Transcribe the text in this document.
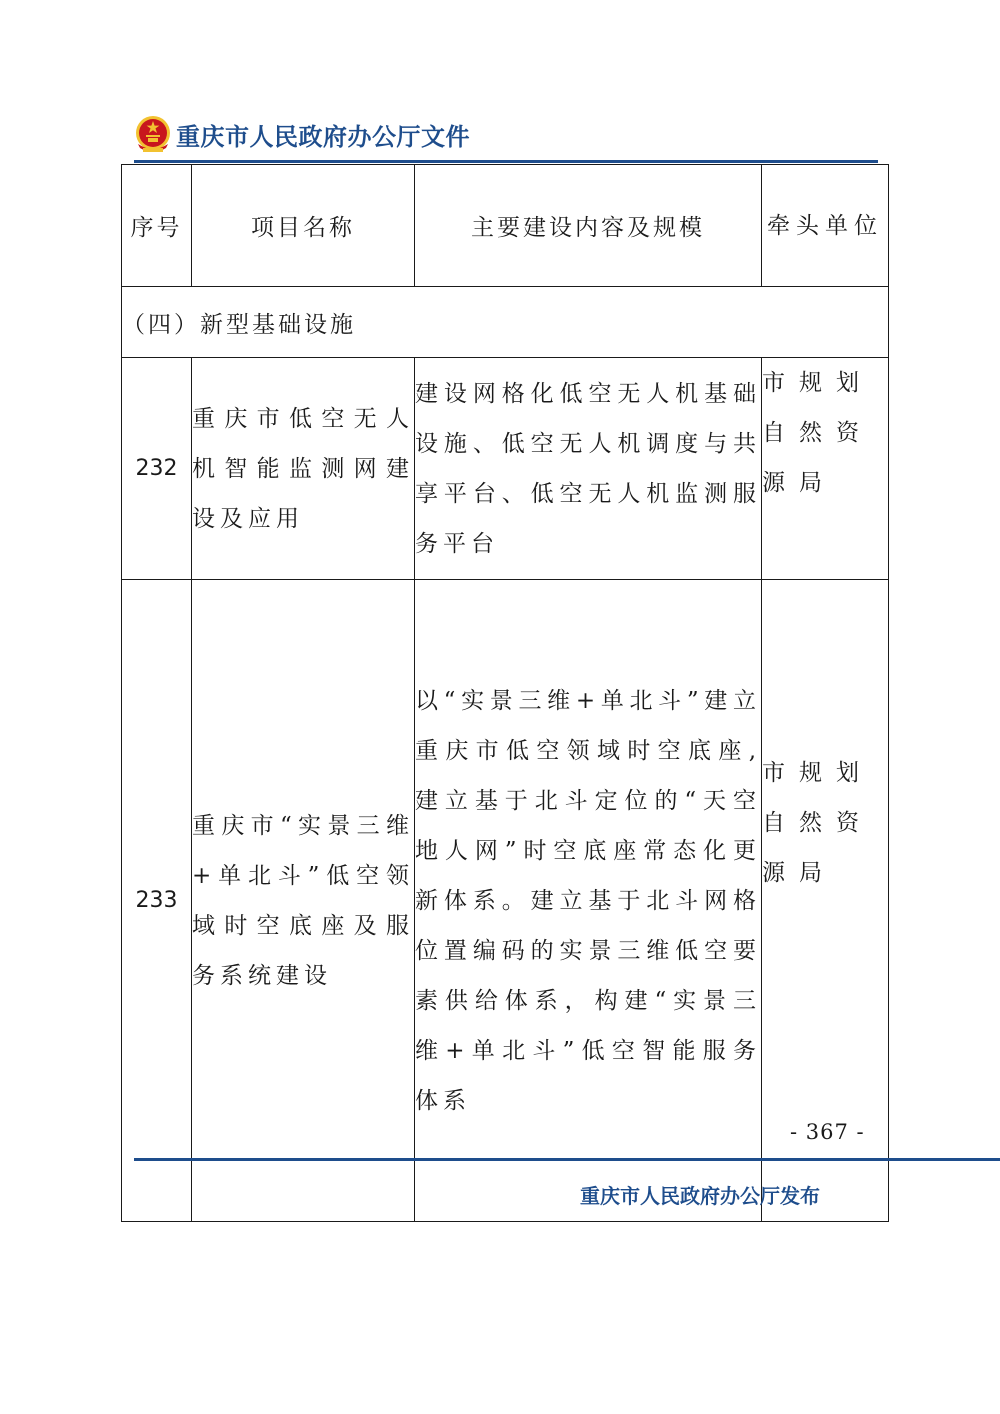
重庆市人民政府办公厅文件
序号	项目名称	主要建设内容及规模	牵头单位
（四）新型基础设施			
232	重庆市低空无人机智能监测网建设及应用	建设网格化低空无人机基础设施、低空无人机调度与共享平台、低空无人机监测服务平台	市规划自然资源局
233	重庆市“实景三维+单北斗”低空领域时空底座及服务系统建设	以“实景三维+单北斗”建立重庆市低空领域时空底座,建立基于北斗定位的“天空地人网”时空底座常态化更新体系。建立基于北斗网格位置编码的实景三维低空要素供给体系，构建“实景三维+单北斗”低空智能服务体系	市规划自然资源局
- 367 -
重庆市人民政府办公厅发布
